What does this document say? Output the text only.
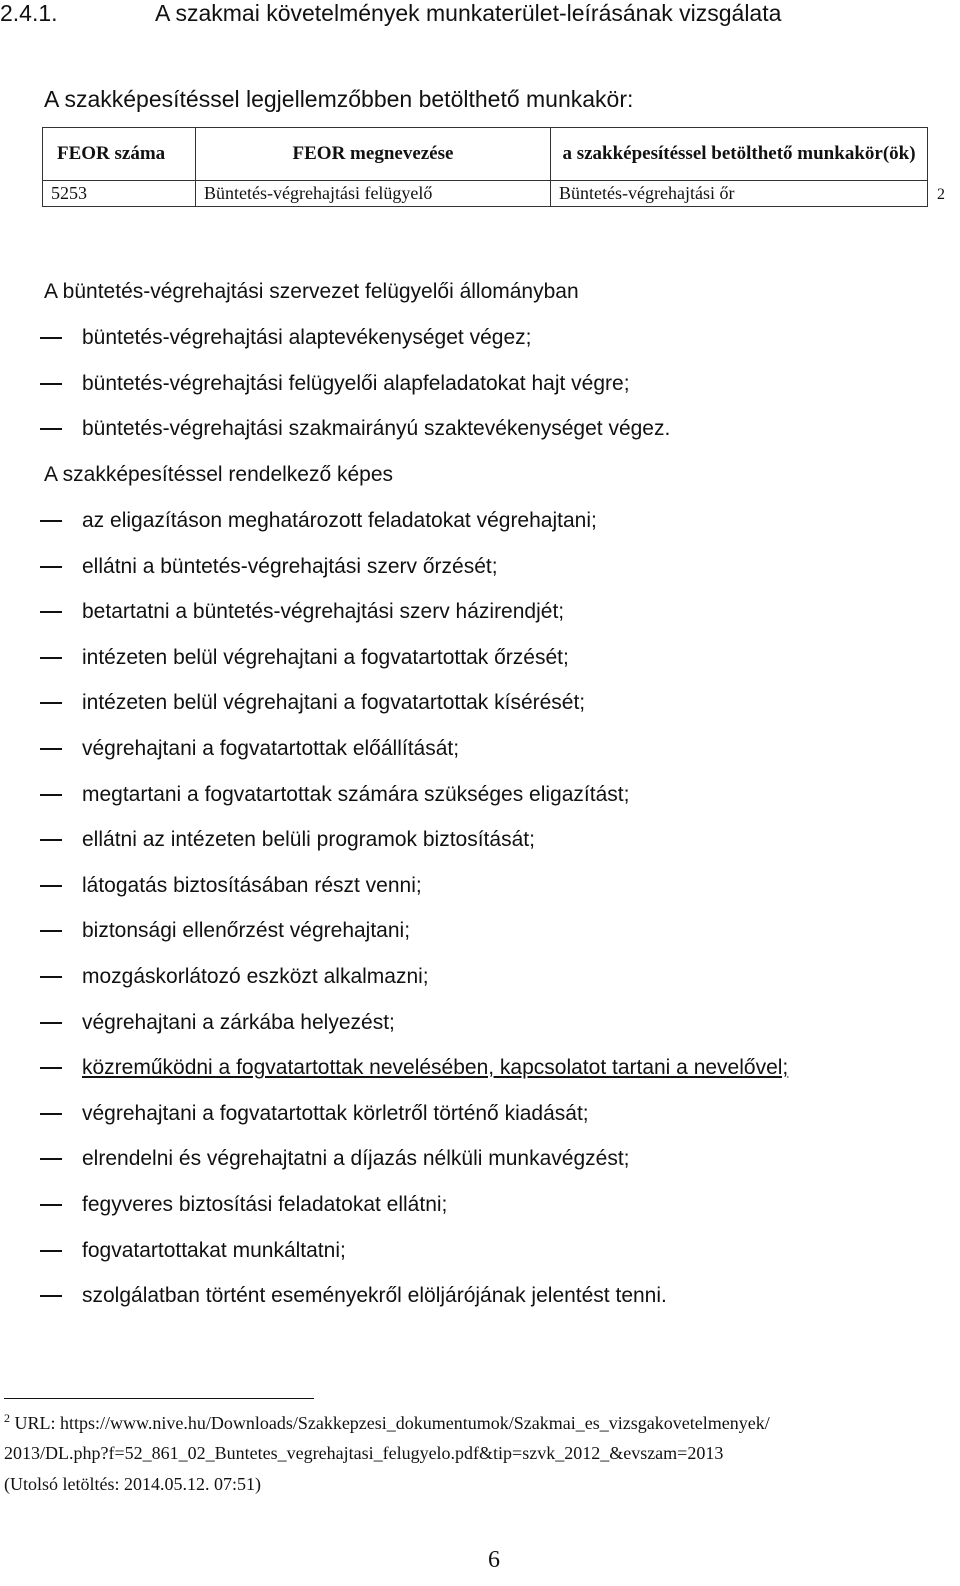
2.4.1.	A szakmai követelmények munkaterület-leírásának vizsgálata
A szakképesítéssel legjellemzőbben betölthető munkakör:
FEOR száma	FEOR megnevezése	a szakképesítéssel betölthető munkakör(ök)
5253	Büntetés-végrehajtási felügyelő	Büntetés-végrehajtási őr	2
A büntetés-végrehajtási szervezet felügyelői állományban
büntetés-végrehajtási alaptevékenységet végez;
büntetés-végrehajtási felügyelői alapfeladatokat hajt végre;
büntetés-végrehajtási szakmairányú szaktevékenységet végez.
A szakképesítéssel rendelkező képes
az eligazításon meghatározott feladatokat végrehajtani;
ellátni a büntetés-végrehajtási szerv őrzését;
betartatni a büntetés-végrehajtási szerv házirendjét;
intézeten belül végrehajtani a fogvatartottak őrzését;
intézeten belül végrehajtani a fogvatartottak kísérését;
végrehajtani a fogvatartottak előállítását;
megtartani a fogvatartottak számára szükséges eligazítást;
ellátni az intézeten belüli programok biztosítását;
látogatás biztosításában részt venni;
biztonsági ellenőrzést végrehajtani;
mozgáskorlátozó eszközt alkalmazni;
végrehajtani a zárkába helyezést;
közreműködni a fogvatartottak nevelésében, kapcsolatot tartani a nevelővel;
végrehajtani a fogvatartottak körletről történő kiadását;
elrendelni és végrehajtatni a díjazás nélküli munkavégzést;
fegyveres biztosítási feladatokat ellátni;
fogvatartottakat munkáltatni;
szolgálatban történt eseményekről elöljárójának jelentést tenni.
$^2$ URL: https://www.nive.hu/Downloads/Szakkepzesi_dokumentumok/Szakmai_es_vizsgakovetelmenyek/
2013/DL.php?f=52_861_02_Buntetes_vegrehajtasi_felugyelo.pdf&tip=szvk_2012_&evszam=2013
(Utolsó letöltés: 2014.05.12. 07:51)
6
